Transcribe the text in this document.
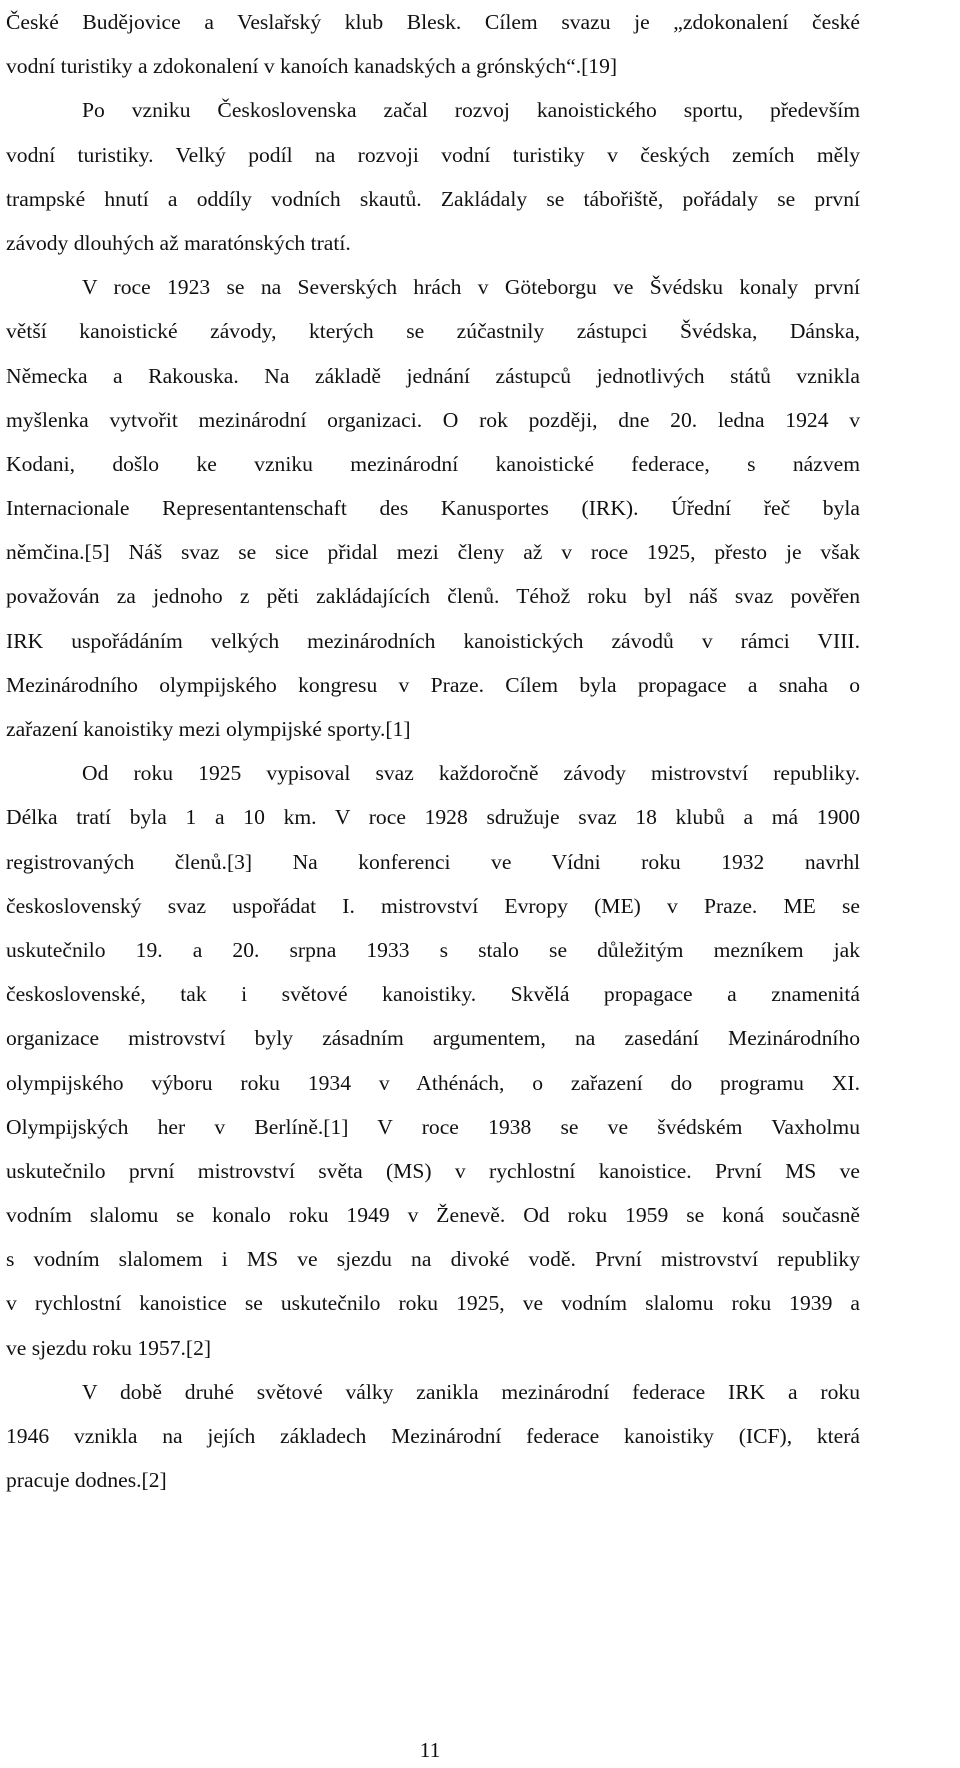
České Budějovice a Veslařský klub Blesk. Cílem svazu je „zdokonalení české
vodní turistiky a zdokonalení v kanoích kanadských a grónských“.[19]
Po vzniku Československa začal rozvoj kanoistického sportu, především
vodní turistiky. Velký podíl na rozvoji vodní turistiky v českých zemích měly
trampské hnutí a oddíly vodních skautů. Zakládaly se tábořiště, pořádaly se první
závody dlouhých až maratónských tratí.
V roce 1923 se na Severských hrách v Göteborgu ve Švédsku konaly první
větší kanoistické závody, kterých se zúčastnily zástupci Švédska, Dánska,
Německa a Rakouska. Na základě jednání zástupců jednotlivých států vznikla
myšlenka vytvořit mezinárodní organizaci. O rok později, dne 20. ledna 1924 v
Kodani, došlo ke vzniku mezinárodní kanoistické federace, s názvem
Internacionale Representantenschaft des Kanusportes (IRK). Úřední řeč byla
němčina.[5] Náš svaz se sice přidal mezi členy až v roce 1925, přesto je však
považován za jednoho z pěti zakládajících členů. Téhož roku byl náš svaz pověřen
IRK uspořádáním velkých mezinárodních kanoistických závodů v rámci VIII.
Mezinárodního olympijského kongresu v Praze. Cílem byla propagace a snaha o
zařazení kanoistiky mezi olympijské sporty.[1]
Od roku 1925 vypisoval svaz každoročně závody mistrovství republiky.
Délka tratí byla 1 a 10 km. V roce 1928 sdružuje svaz 18 klubů a má 1900
registrovaných členů.[3] Na konferenci ve Vídni roku 1932 navrhl
československý svaz uspořádat I. mistrovství Evropy (ME) v Praze. ME se
uskutečnilo 19. a 20. srpna 1933 s stalo se důležitým mezníkem jak
československé, tak i světové kanoistiky. Skvělá propagace a znamenitá
organizace mistrovství byly zásadním argumentem, na zasedání Mezinárodního
olympijského výboru roku 1934 v Athénách, o zařazení do programu XI.
Olympijských her v Berlíně.[1] V roce 1938 se ve švédském Vaxholmu
uskutečnilo první mistrovství světa (MS) v rychlostní kanoistice. První MS ve
vodním slalomu se konalo roku 1949 v Ženevě. Od roku 1959 se koná současně
s vodním slalomem i MS ve sjezdu na divoké vodě. První mistrovství republiky
v rychlostní kanoistice se uskutečnilo roku 1925, ve vodním slalomu roku 1939 a
ve sjezdu roku 1957.[2]
V době druhé světové války zanikla mezinárodní federace IRK a roku
1946 vznikla na jejích základech Mezinárodní federace kanoistiky (ICF), která
pracuje dodnes.[2]
11
